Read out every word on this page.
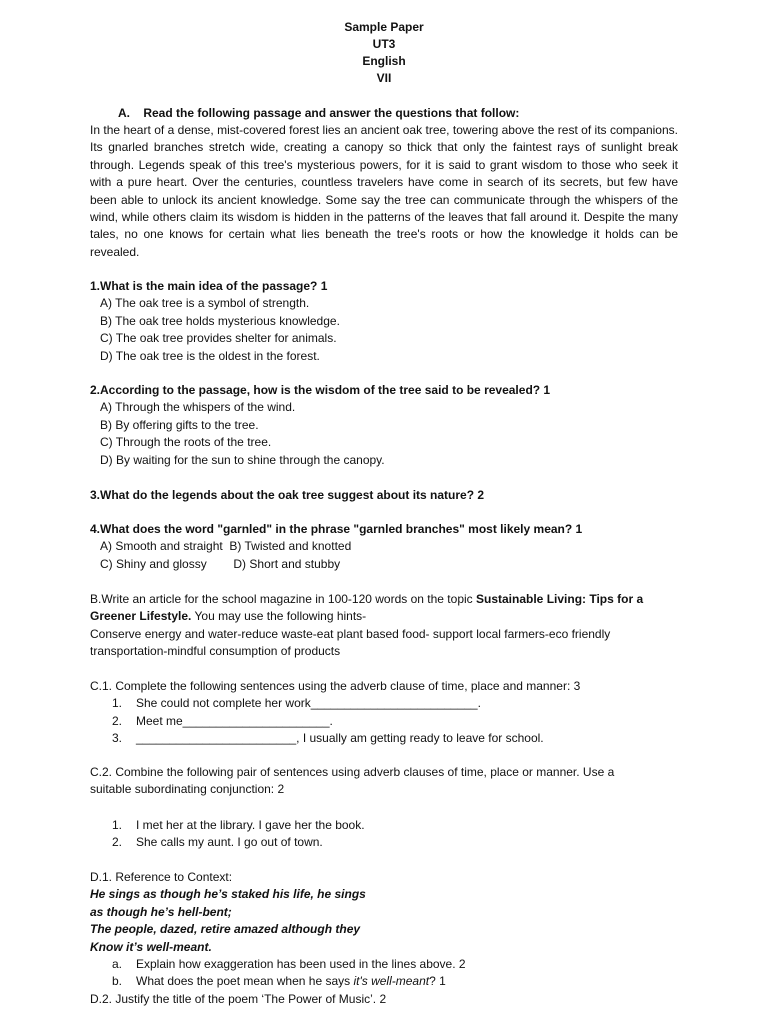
Sample Paper
UT3
English
VII
A. Read the following passage and answer the questions that follow:
In the heart of a dense, mist-covered forest lies an ancient oak tree, towering above the rest of its companions. Its gnarled branches stretch wide, creating a canopy so thick that only the faintest rays of sunlight break through. Legends speak of this tree's mysterious powers, for it is said to grant wisdom to those who seek it with a pure heart. Over the centuries, countless travelers have come in search of its secrets, but few have been able to unlock its ancient knowledge. Some say the tree can communicate through the whispers of the wind, while others claim its wisdom is hidden in the patterns of the leaves that fall around it. Despite the many tales, no one knows for certain what lies beneath the tree's roots or how the knowledge it holds can be revealed.
1.What is the main idea of the passage? 1
A) The oak tree is a symbol of strength.
B) The oak tree holds mysterious knowledge.
C) The oak tree provides shelter for animals.
D) The oak tree is the oldest in the forest.
2.According to the passage, how is the wisdom of the tree said to be revealed? 1
A) Through the whispers of the wind.
B) By offering gifts to the tree.
C) Through the roots of the tree.
D) By waiting for the sun to shine through the canopy.
3.What do the legends about the oak tree suggest about its nature? 2
4.What does the word "garnled" in the phrase "garnled branches" most likely mean? 1
A) Smooth and straight  B) Twisted and knotted
C) Shiny and glossy        D) Short and stubby
B.Write an article for the school magazine in 100-120 words on the topic Sustainable Living: Tips for a
Greener Lifestyle. You may use the following hints-
Conserve energy and water-reduce waste-eat plant based food- support local farmers-eco friendly
transportation-mindful consumption of products
C.1. Complete the following sentences using the adverb clause of time, place and manner: 3
1. She could not complete her work_________________________.
2. Meet me______________________.
3. ________________________, I usually am getting ready to leave for school.
C.2. Combine the following pair of sentences using adverb clauses of time, place or manner. Use a
suitable subordinating conjunction: 2
1. I met her at the library. I gave her the book.
2. She calls my aunt. I go out of town.
D.1. Reference to Context:
He sings as though he’s staked his life, he sings
as though he’s hell-bent;
The people, dazed, retire amazed although they
Know it’s well-meant.
a. Explain how exaggeration has been used in the lines above. 2
b. What does the poet mean when he says it's well-meant? 1
D.2. Justify the title of the poem ‘The Power of Music’. 2
